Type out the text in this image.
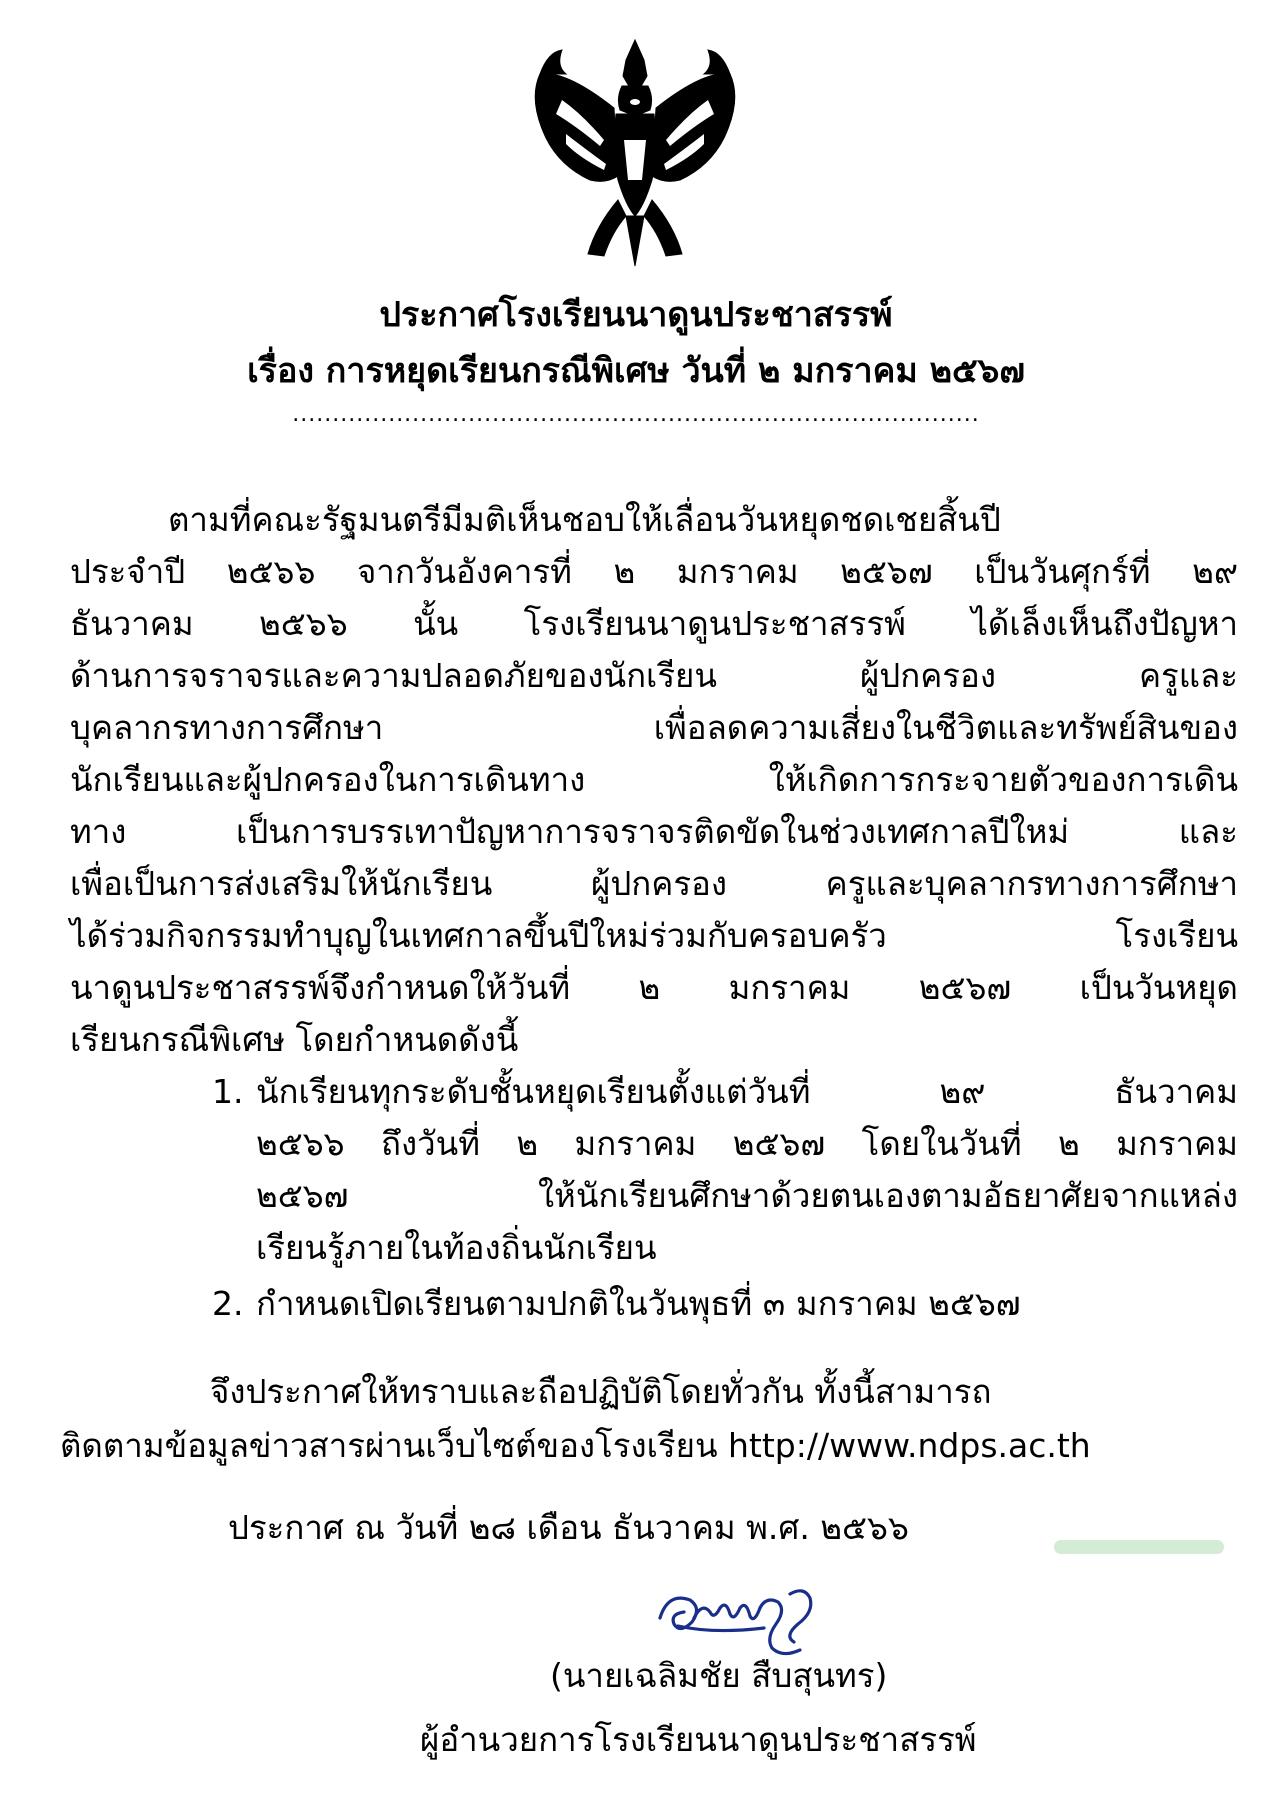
ประกาศโรงเรียนนาดูนประชาสรรพ์
เรื่อง การหยุดเรียนกรณีพิเศษ วันที่ ๒ มกราคม ๒๕๖๗
......................................................................................
ตามที่คณะรัฐมนตรีมีมติเห็นชอบให้เลื่อนวันหยุดชดเชยสิ้นปี
ประจำปี ๒๕๖๖ จากวันอังคารที่ ๒ มกราคม ๒๕๖๗ เป็นวันศุกร์ที่ ๒๙
ธันวาคม ๒๕๖๖ นั้น โรงเรียนนาดูนประชาสรรพ์ ได้เล็งเห็นถึงปัญหา
ด้านการจราจรและความปลอดภัยของนักเรียน ผู้ปกครอง ครูและ
บุคลากรทางการศึกษา เพื่อลดความเสี่ยงในชีวิตและทรัพย์สินของ
นักเรียนและผู้ปกครองในการเดินทาง ให้เกิดการกระจายตัวของการเดิน
ทาง เป็นการบรรเทาปัญหาการจราจรติดขัดในช่วงเทศกาลปีใหม่ และ
เพื่อเป็นการส่งเสริมให้นักเรียน ผู้ปกครอง ครูและบุคลากรทางการศึกษา
ได้ร่วมกิจกรรมทำบุญในเทศกาลขึ้นปีใหม่ร่วมกับครอบครัว โรงเรียน
นาดูนประชาสรรพ์จึงกำหนดให้วันที่ ๒ มกราคม ๒๕๖๗ เป็นวันหยุด
เรียนกรณีพิเศษ โดยกำหนดดังนี้
1. นักเรียนทุกระดับชั้นหยุดเรียนตั้งแต่วันที่ ๒๙ ธันวาคม
๒๕๖๖ ถึงวันที่ ๒ มกราคม ๒๕๖๗ โดยในวันที่ ๒ มกราคม
๒๕๖๗ ให้นักเรียนศึกษาด้วยตนเองตามอัธยาศัยจากแหล่ง
เรียนรู้ภายในท้องถิ่นนักเรียน
2. กำหนดเปิดเรียนตามปกติในวันพุธที่ ๓ มกราคม ๒๕๖๗
จึงประกาศให้ทราบและถือปฏิบัติโดยทั่วกัน ทั้งนี้สามารถ
ติดตามข้อมูลข่าวสารผ่านเว็บไซต์ของโรงเรียน http://www.ndps.ac.th
ประกาศ ณ วันที่ ๒๘ เดือน ธันวาคม พ.ศ. ๒๕๖๖
(นายเฉลิมชัย สืบสุนทร)
ผู้อำนวยการโรงเรียนนาดูนประชาสรรพ์
